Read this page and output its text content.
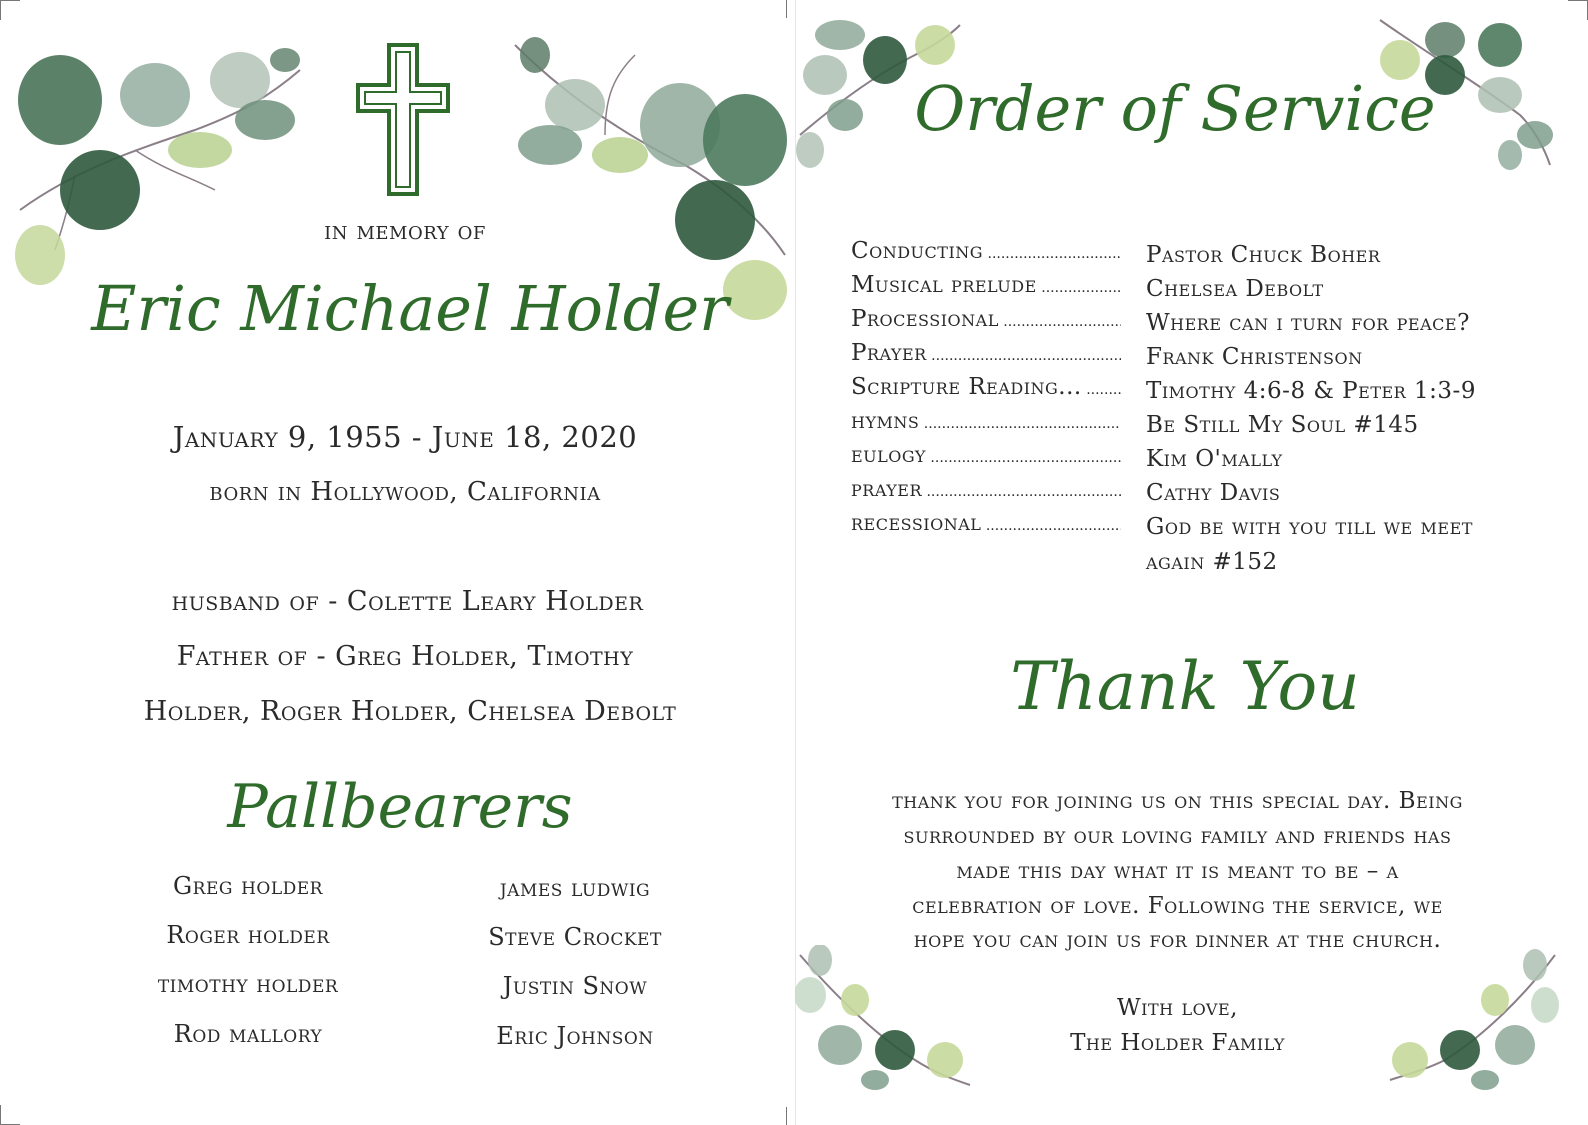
in memory of
Eric Michael Holder
January 9, 1955 - June 18, 2020
born in Hollywood, California
husband of - Colette Leary Holder
Father of - Greg Holder, Timothy
Holder, Roger Holder, Chelsea Debolt
Pallbearers
Greg holder
Roger holder
timothy holder
Rod mallory
james ludwig
Steve Crocket
Justin Snow
Eric Johnson
Order of Service
Conducting .....	Pastor Chuck Boher
Musical prelude .....	Chelsea Debolt
Processional .....	Where can i turn for peace?
Prayer .....	Frank Christenson
Scripture Reading... .....	Timothy 4:6-8 & Peter 1:3-9
hymns .....	Be Still My Soul #145
eulogy .....	Kim O'mally
prayer .....	Cathy Davis
recessional .....	God be with you till we meet again #152
Thank You
thank you for joining us on this special day. Being
surrounded by our loving family and friends has
made this day what it is meant to be – a
celebration of love. Following the service, we
hope you can join us for dinner at the church.
With love,
The Holder Family
